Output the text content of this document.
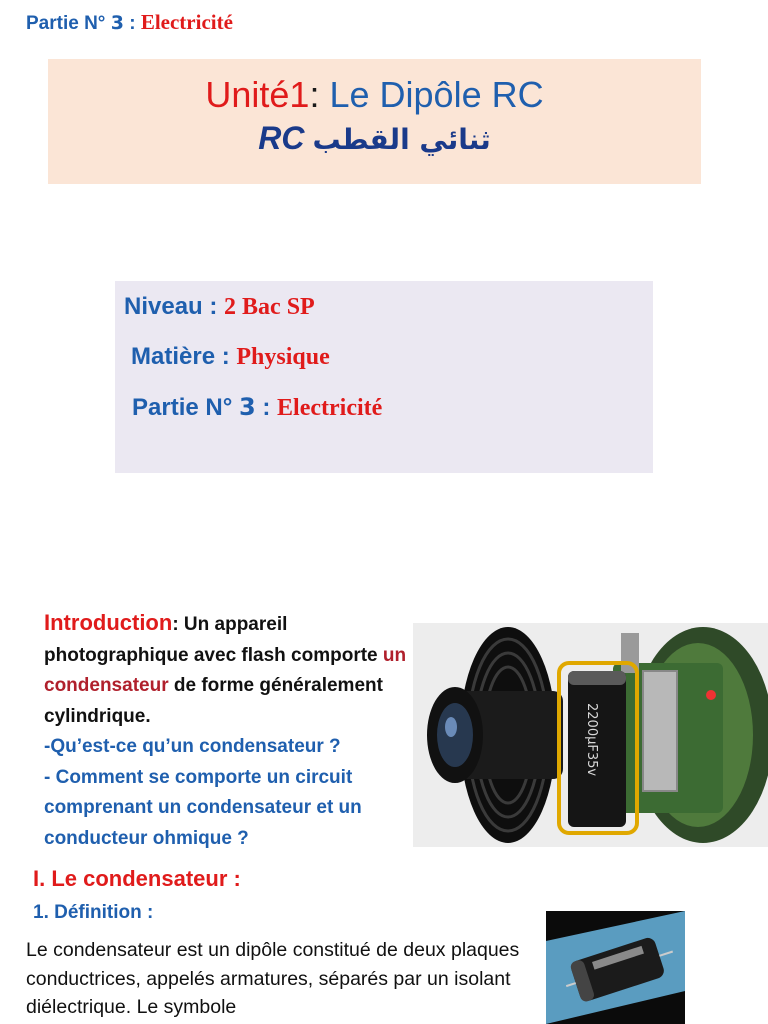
Partie N° 3 : Electricité
Unité1: Le Dipôle RC
RC ثنائي القطب
Niveau : 2 Bac SP
Matière : Physique
Partie N° 3 : Electricité
Introduction: Un appareil photographique avec flash comporte un condensateur de forme généralement cylindrique.
-Qu’est-ce qu’un condensateur ?
- Comment se comporte un circuit comprenant un condensateur et un conducteur ohmique ?
2200µF35v
I. Le condensateur :
1. Définition :
Le condensateur est un dipôle constitué de deux plaques conductrices, appelés armatures, séparés par un isolant diélectrique. Le symbole
